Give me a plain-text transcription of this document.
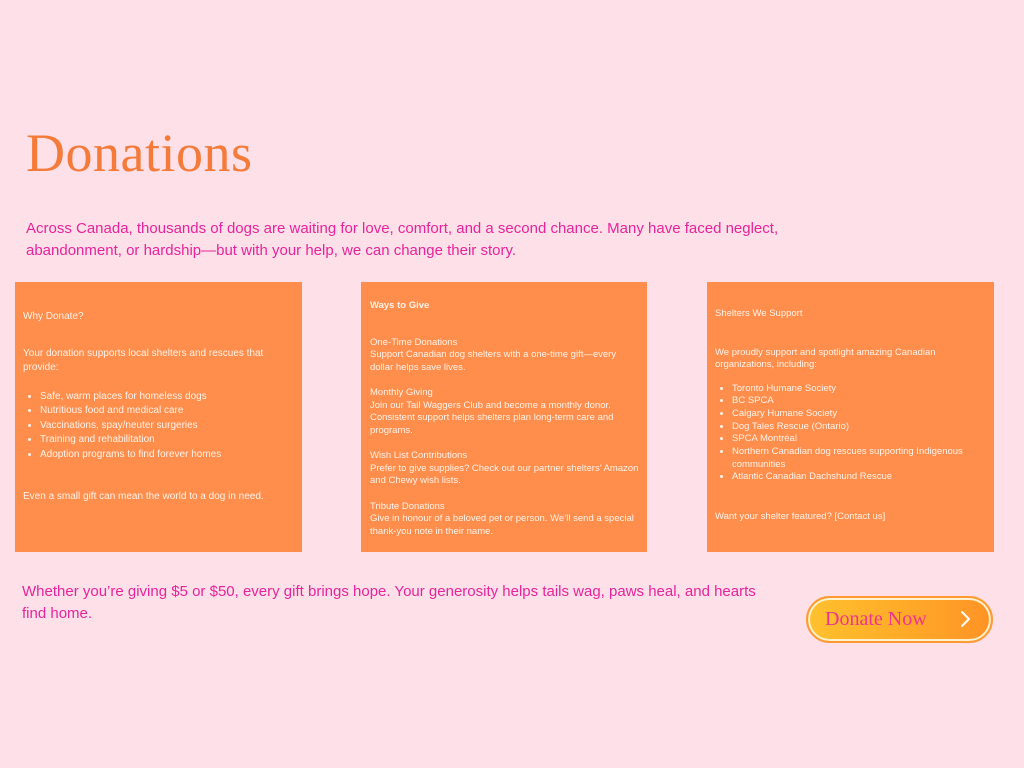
Donations

Across Canada, thousands of dogs are waiting for love, comfort, and a second chance. Many have faced neglect, abandonment, or hardship—but with your help, we can change their story.

Why Donate?

Your donation supports local shelters and rescues that provide:

• Safe, warm places for homeless dogs
• Nutritious food and medical care
• Vaccinations, spay/neuter surgeries
• Training and rehabilitation
• Adoption programs to find forever homes

Even a small gift can mean the world to a dog in need.

Ways to Give

One-Time Donations

Support Canadian dog shelters with a one-time gift—every dollar helps save lives.

Monthly Giving

Join our Tail Waggers Club and become a monthly donor. Consistent support helps shelters plan long-term care and programs.

Wish List Contributions

Prefer to give supplies? Check out our partner shelters’ Amazon and Chewy wish lists.

Tribute Donations

Give in honour of a beloved pet or person. We’ll send a special thank-you note in their name.

Shelters We Support

We proudly support and spotlight amazing Canadian organizations, including:

• Toronto Humane Society
• BC SPCA
• Calgary Humane Society
• Dog Tales Rescue (Ontario)
• SPCA Montréal
• Northern Canadian dog rescues supporting Indigenous communities
• Atlantic Canadian Dachshund Rescue

Want your shelter featured? [Contact us]

Whether you’re giving $5 or $50, every gift brings hope. Your generosity helps tails wag, paws heal, and hearts find home.	Donate Now
